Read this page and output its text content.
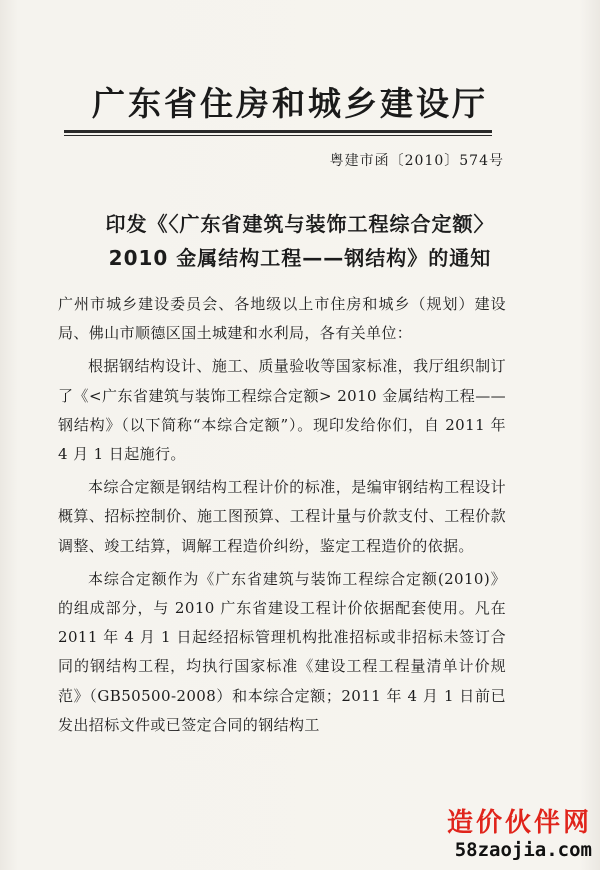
广东省住房和城乡建设厅
粤建市函〔2010〕574号
印发《〈广东省建筑与装饰工程综合定额〉
2010 金属结构工程——钢结构》的通知

广州市城乡建设委员会、各地级以上市住房和城乡（规划）建设局、佛山市顺德区国土城建和水利局，各有关单位：

根据钢结构设计、施工、质量验收等国家标准，我厅组织制订了《<广东省建筑与装饰工程综合定额> 2010 金属结构工程——钢结构》（以下简称“本综合定额”）。现印发给你们，自 2011 年 4 月 1 日起施行。

本综合定额是钢结构工程计价的标准，是编审钢结构工程设计概算、招标控制价、施工图预算、工程计量与价款支付、工程价款调整、竣工结算，调解工程造价纠纷，鉴定工程造价的依据。

本综合定额作为《广东省建筑与装饰工程综合定额(2010)》的组成部分，与 2010 广东省建设工程计价依据配套使用。凡在 2011 年 4 月 1 日起经招标管理机构批准招标或非招标未签订合同的钢结构工程，均执行国家标准《建设工程工程量清单计价规范》（GB50500-2008）和本综合定额；2011 年 4 月 1 日前已发出招标文件或已签定合同的钢结构工

造价伙伴网
58zaojia.com
